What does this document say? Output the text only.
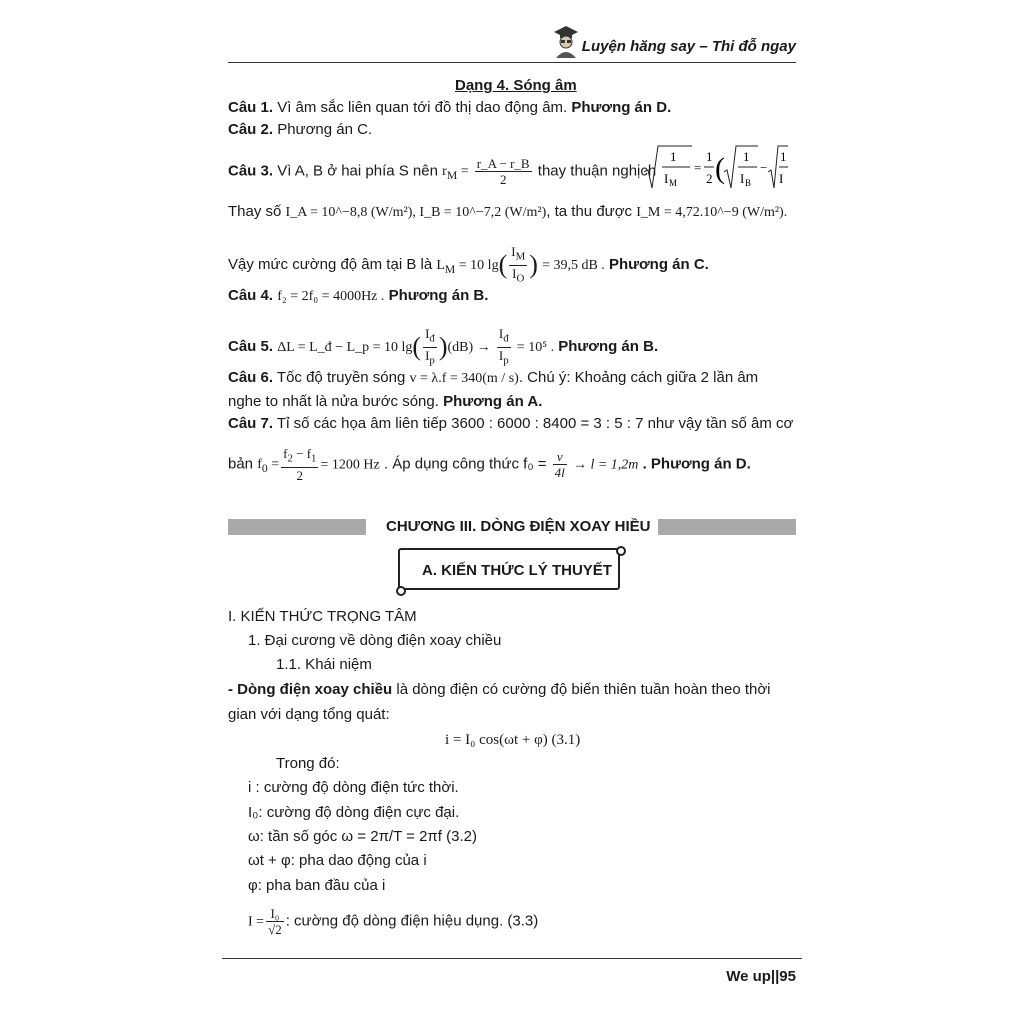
Luyện hăng say – Thi đỗ ngay
Dạng 4. Sóng âm
Câu 1. Vì âm sắc liên quan tới đồ thị dao động âm. Phương án D.
Câu 2. Phương án C.
Câu 3. Vì A, B ở hai phía S nên $r_M = \frac{r\_A - r\_B}{2}$ thay thuận nghịch
1
I M
=
1
2 ( 1
I B
−
1
I
Thay số I_A = 10^−8,8 (W/m²), I_B = 10^−7,2 (W/m²), ta thu được I_M = 4,72.10^−9 (W/m²).
Vậy mức cường độ âm tại B là $L_M = 10$ $\lg( \frac{I_M}{I_O}$ ) = 39,5 dB . Phương án C.
Câu 4. f₂ = 2f₀ = 4000Hz . Phương án B.
Câu 5. ΔL = L_đ − L_p = 10 $\lg( \frac{I_đ}{I_p} )(dB) \to \frac{I_đ}{I_p} = 10^5$ . Phương án B.
Câu 6. Tốc độ truyền sóng v = λ.f = 340(m / s). Chú ý: Khoảng cách giữa 2 lần âm
nghe to nhất là nửa bước sóng. Phương án A.
Câu 7. Tỉ số các họa âm liên tiếp 3600 : 6000 : 8400 = 3 : 5 : 7 như vậy tần số âm cơ
bản $f_0 = \frac{f_2 - f_1}{2} = 1200$ Hz . Áp dụng công thức $f_0 = \frac{v}{4l} \to l = 1,2m$ . Phương án D.
CHƯƠNG III. DÒNG ĐIỆN XOAY HIỀU
A. KIẾN THỨC LÝ THUYẾT
I. KIẾN THỨC TRỌNG TÂM
1. Đại cương về dòng điện xoay chiều
1.1. Khái niệm
- Dòng điện xoay chiều là dòng điện có cường độ biến thiên tuần hoàn theo thời
gian với dạng tổng quát:
i = I₀ cos(ωt + φ) (3.1)
Trong đó:
i : cường độ dòng điện tức thời.
I₀: cường độ dòng điện cực đại.
ω: tần số góc ω = 2π/T = 2πf (3.2)
ωt + φ: pha dao động của i
φ: pha ban đầu của i
$I = \frac{\text{I₀}}{√2}$ : cường độ dòng điện hiệu dụng. (3.3)
We up||95
